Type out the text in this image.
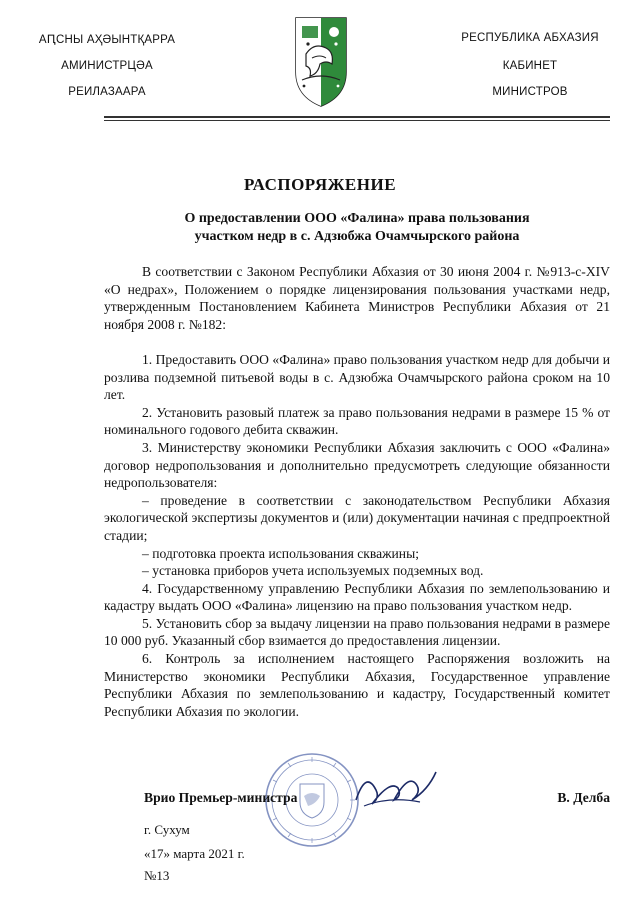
АԤСНЫ АҲӘЫНТҚАРРА
АМИНИСТРЦӘА
РЕИЛАЗААРА
РЕСПУБЛИКА АБХАЗИЯ
КАБИНЕТ
МИНИСТРОВ
РАСПОРЯЖЕНИЕ
О предоставлении ООО «Фалина» права пользования
участком недр в с. Адзюбжа Очамчырского района

В соответствии с Законом Республики Абхазия от 30 июня 2004 г. №913-с-XIV «О недрах», Положением о порядке лицензирования пользования участками недр, утвержденным Постановлением Кабинета Министров Республики Абхазия от 21 ноября 2008 г. №182:

1. Предоставить ООО «Фалина» право пользования участком недр для добычи и розлива подземной питьевой воды в с. Адзюбжа Очамчырского района сроком на 10 лет.

2. Установить разовый платеж за право пользования недрами в размере 15 % от номинального годового дебита скважин.

3. Министерству экономики Республики Абхазия заключить с ООО «Фалина» договор недропользования и дополнительно предусмотреть следующие обязанности недропользователя:

– проведение в соответствии с законодательством Республики Абхазия экологической экспертизы документов и (или) документации начиная с предпроектной стадии;

– подготовка проекта использования скважины;

– установка приборов учета используемых подземных вод.

4. Государственному управлению Республики Абхазия по землепользованию и кадастру выдать ООО «Фалина» лицензию на право пользования участком недр.

5. Установить сбор за выдачу лицензии на право пользования недрами в размере 10 000 руб. Указанный сбор взимается до предоставления лицензии.

6. Контроль за исполнением настоящего Распоряжения возложить на Министерство экономики Республики Абхазия, Государственное управление Республики Абхазия по землепользованию и кадастру, Государственный комитет Республики Абхазия по экологии.

Врио Премьер-министра	В. Делба
г. Сухум
«17» марта 2021 г.
№13
